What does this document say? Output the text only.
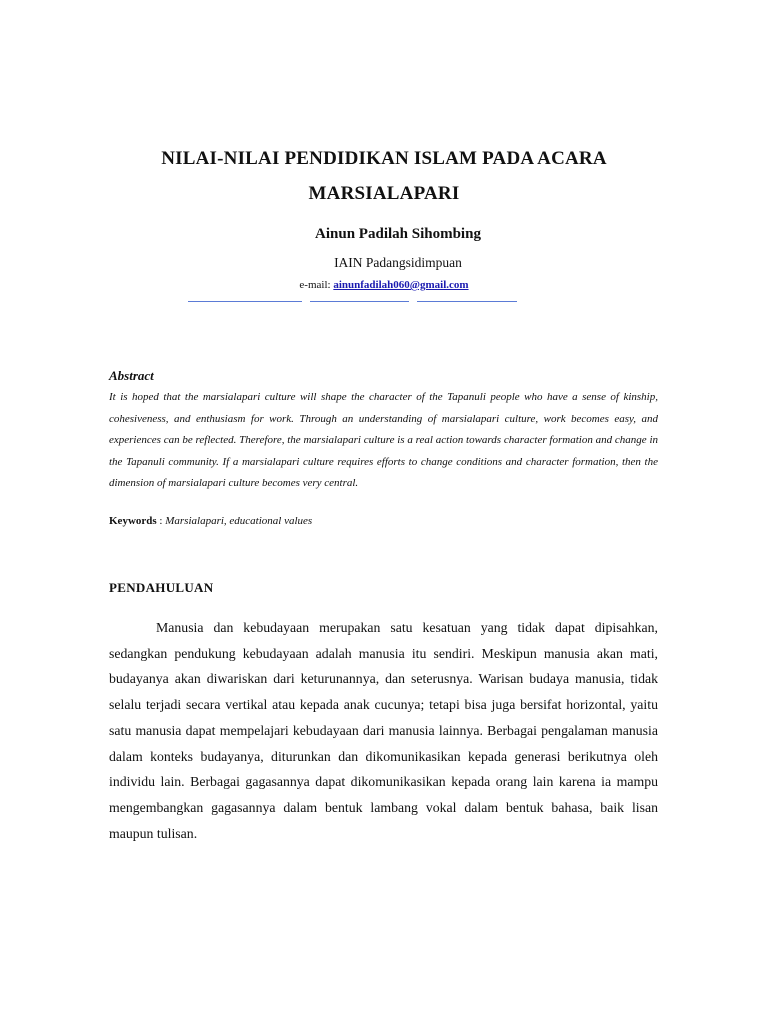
NILAI-NILAI PENDIDIKAN ISLAM PADA ACARA
MARSIALAPARI
Ainun Padilah Sihombing
IAIN Padangsidimpuan
e-mail: ainunfadilah060@gmail.com
Abstract
It is hoped that the marsialapari culture will shape the character of the Tapanuli people who have a sense of kinship, cohesiveness, and enthusiasm for work. Through an understanding of marsialapari culture, work becomes easy, and experiences can be reflected. Therefore, the marsialapari culture is a real action towards character formation and change in the Tapanuli community. If a marsialapari culture requires efforts to change conditions and character formation, then the dimension of marsialapari culture becomes very central.
Keywords : Marsialapari, educational values
PENDAHULUAN
Manusia dan kebudayaan merupakan satu kesatuan yang tidak dapat dipisahkan, sedangkan pendukung kebudayaan adalah manusia itu sendiri. Meskipun manusia akan mati, budayanya akan diwariskan dari keturunannya, dan seterusnya. Warisan budaya manusia, tidak selalu terjadi secara vertikal atau kepada anak cucunya; tetapi bisa juga bersifat horizontal, yaitu satu manusia dapat mempelajari kebudayaan dari manusia lainnya. Berbagai pengalaman manusia dalam konteks budayanya, diturunkan dan dikomunikasikan kepada generasi berikutnya oleh individu lain. Berbagai gagasannya dapat dikomunikasikan kepada orang lain karena ia mampu mengembangkan gagasannya dalam bentuk lambang vokal dalam bentuk bahasa, baik lisan maupun tulisan.
